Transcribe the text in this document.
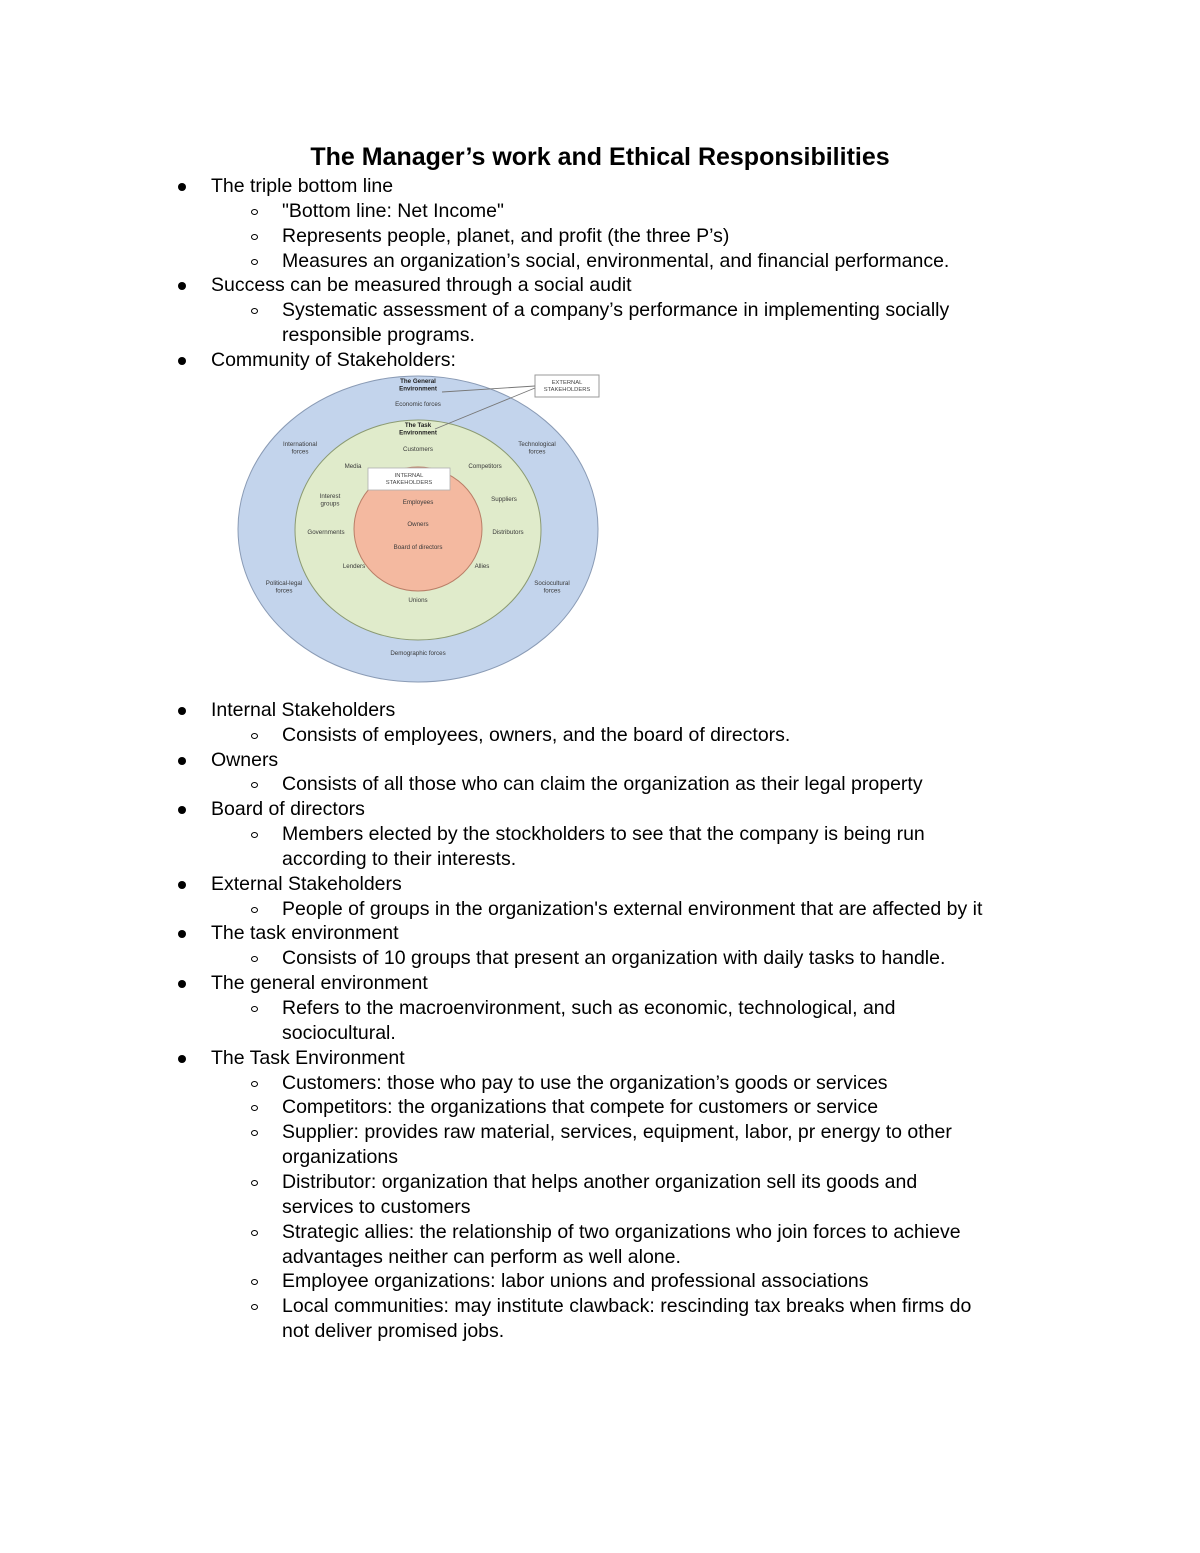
The Manager’s work and Ethical Responsibilities
The triple bottom line
"Bottom line: Net Income"
Represents people, planet, and profit (the three P’s)
Measures an organization’s social, environmental, and financial performance.
Success can be measured through a social audit
Systematic assessment of a company’s performance in implementing socially
responsible programs.
Community of Stakeholders:
Internal Stakeholders
Consists of employees, owners, and the board of directors.
Owners
Consists of all those who can claim the organization as their legal property
Board of directors
Members elected by the stockholders to see that the company is being run
according to their interests.
External Stakeholders
People of groups in the organization's external environment that are affected by it
The task environment
Consists of 10 groups that present an organization with daily tasks to handle.
The general environment
Refers to the macroenvironment, such as economic, technological, and
sociocultural.
The Task Environment
Customers: those who pay to use the organization’s goods or services
Competitors: the organizations that compete for customers or service
Supplier: provides raw material, services, equipment, labor, pr energy to other
organizations
Distributor: organization that helps another organization sell its goods and
services to customers
Strategic allies: the relationship of two organizations who join forces to achieve
advantages neither can perform as well alone.
Employee organizations: labor unions and professional associations
Local communities: may institute clawback: rescinding tax breaks when firms do
not deliver promised jobs.
The General Environment
The Task Environment
EXTERNAL STAKEHOLDERS
INTERNAL STAKEHOLDERS
Economic forces
International forces
Technological forces
Political-legal forces
Sociocultural forces
Demographic forces
Customers
Media	Competitors
Interest groups
Suppliers
Governments	Distributors
Lenders	Allies
Unions
Employees
Owners
Board of directors
